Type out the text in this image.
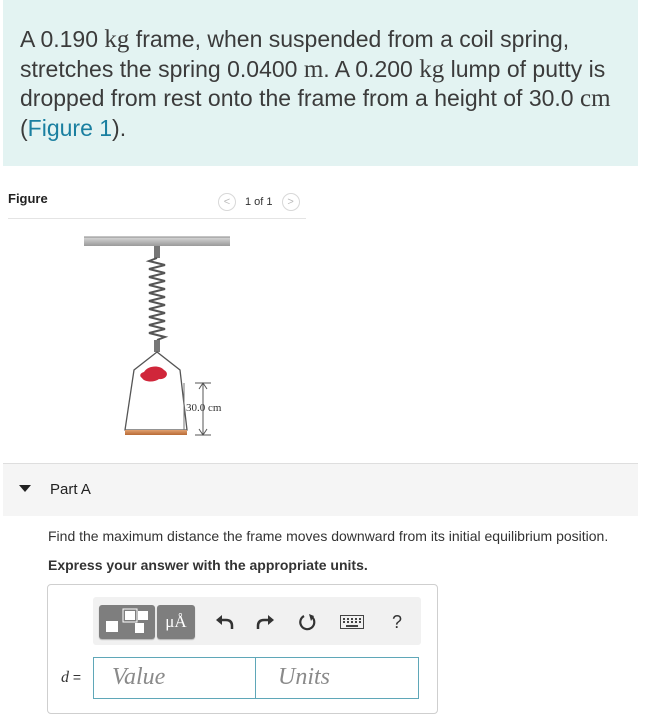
A 0.190 kg frame, when suspended from a coil spring, stretches the spring 0.0400 m. A 0.200 kg lump of putty is dropped from rest onto the frame from a height of 30.0 cm (Figure 1).
Figure	< 1 of 1 >
30.0 cm
Part A
Find the maximum distance the frame moves downward from its initial equilibrium position.
Express your answer with the appropriate units.
μÅ	?
d =	Value	Units
